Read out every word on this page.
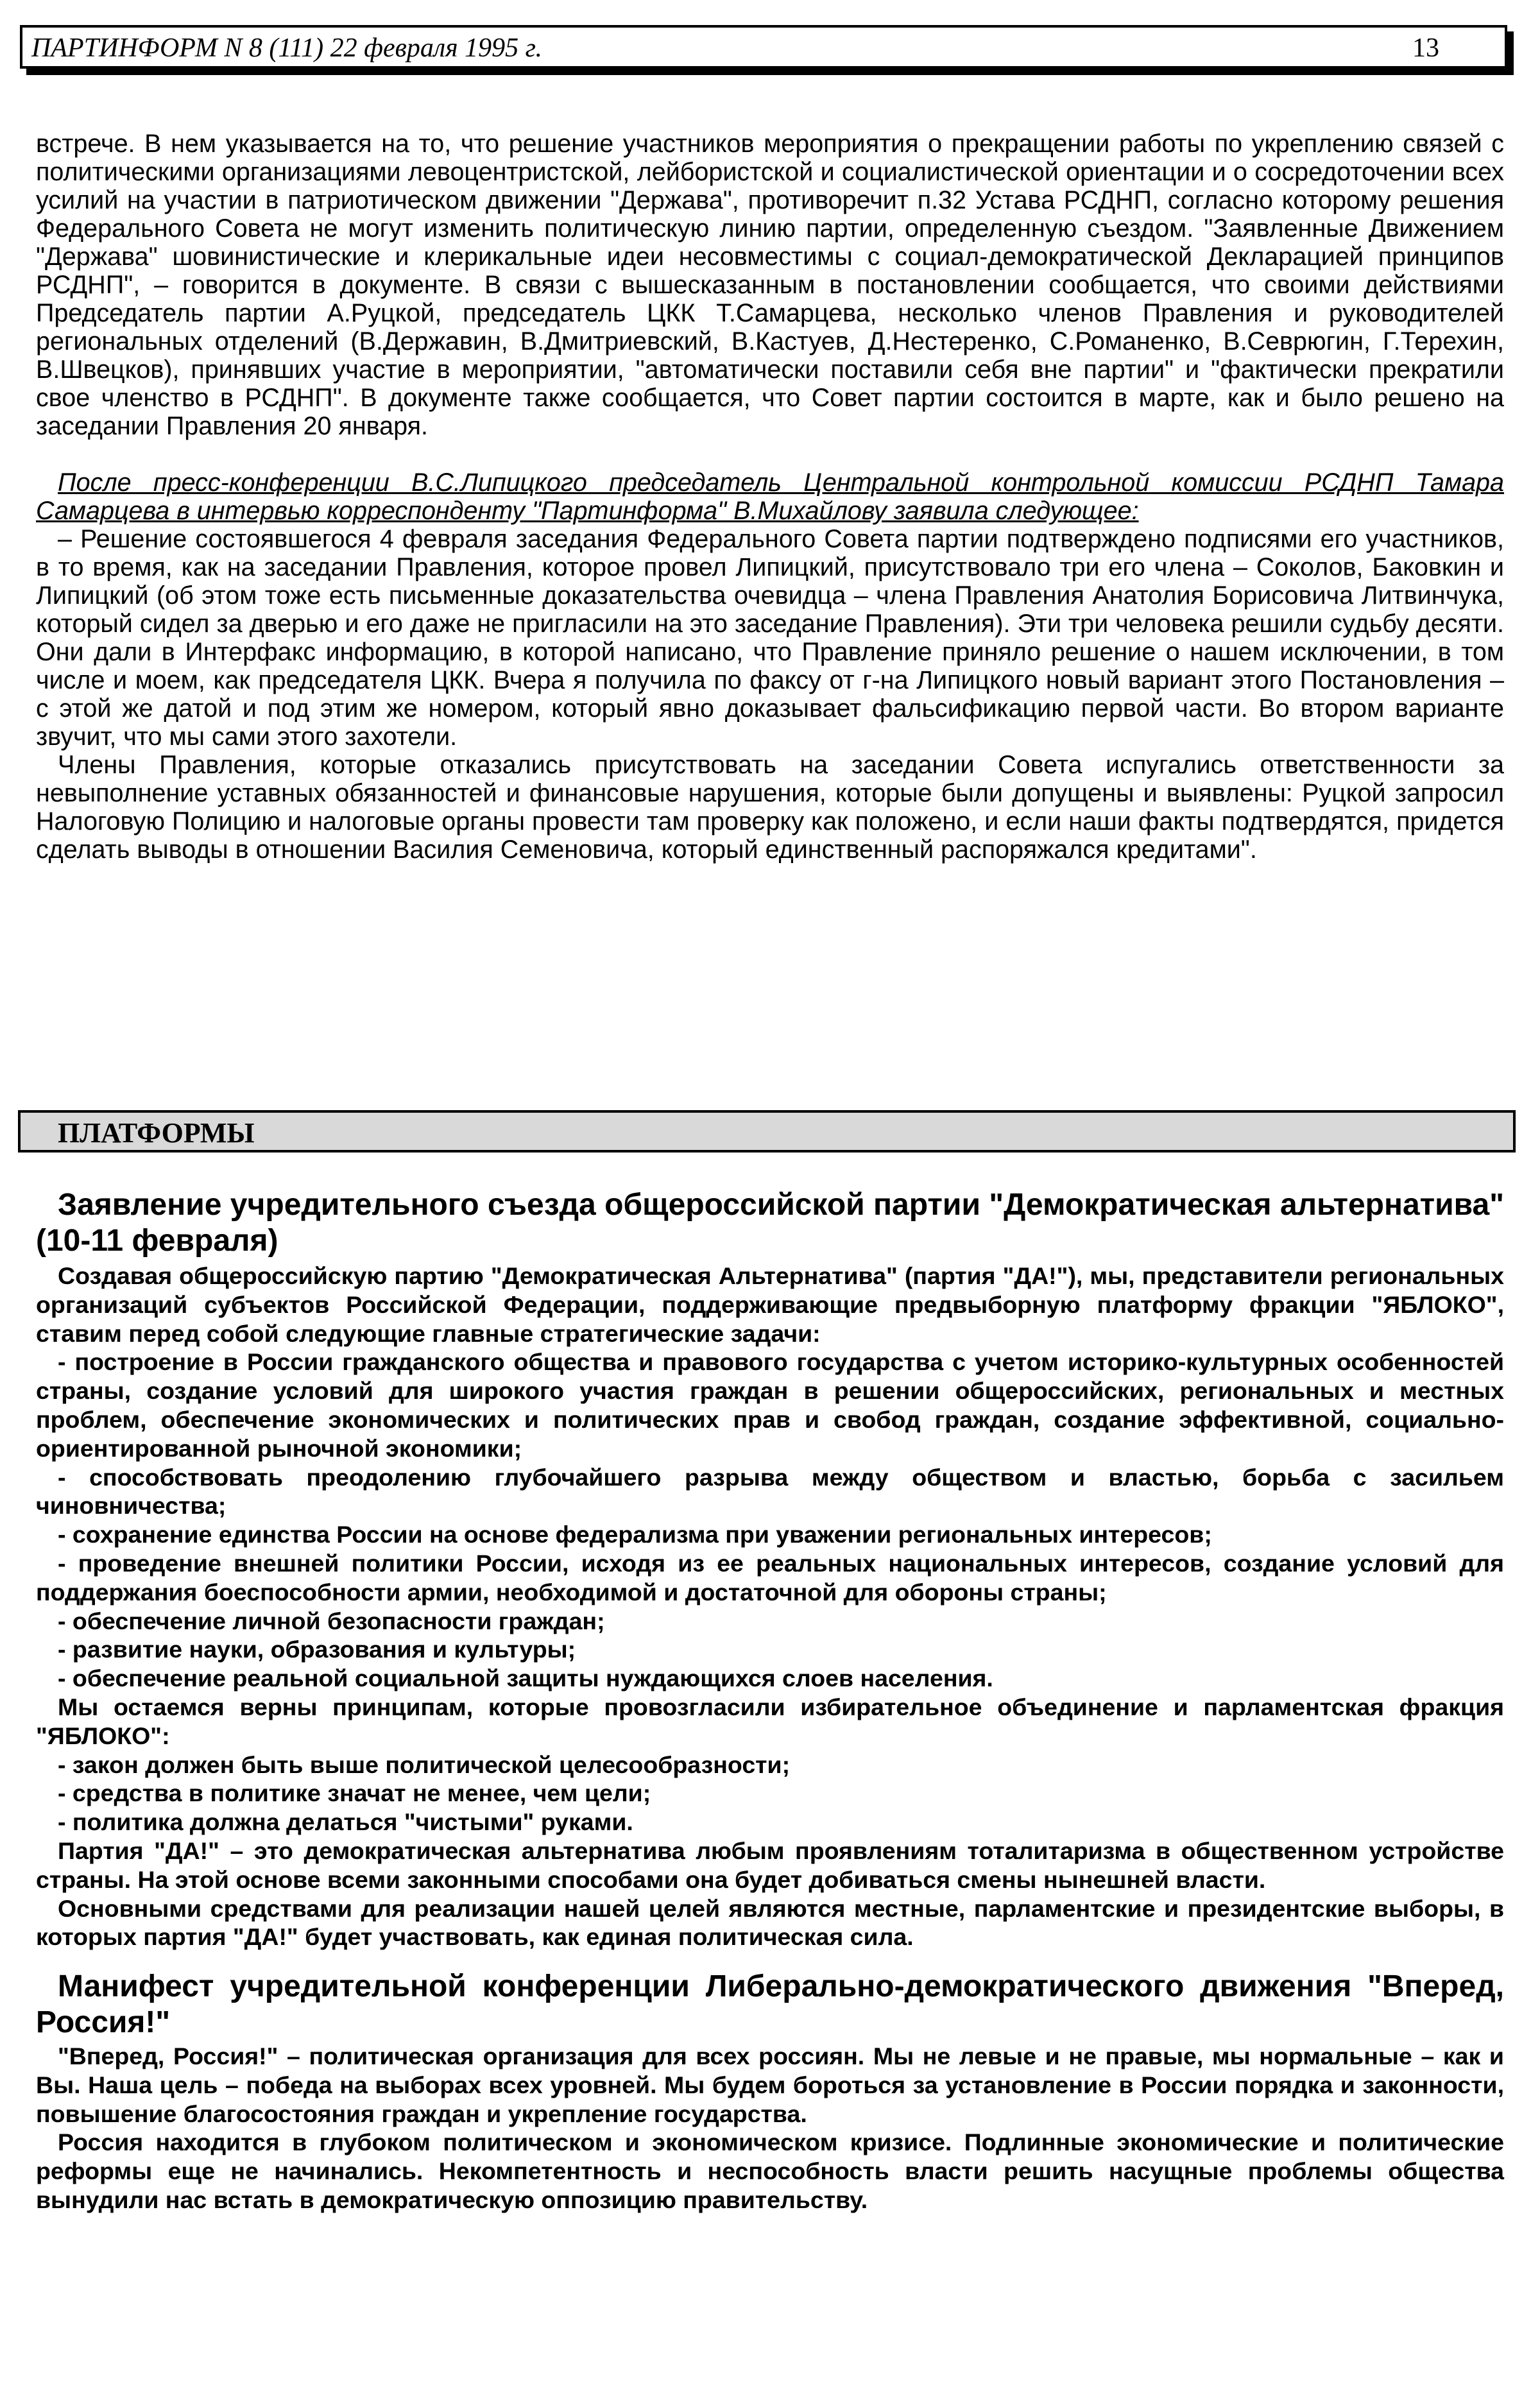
ПАРТИНФОРМ N 8 (111) 22 февраля 1995 г.	13

встрече. В нем указывается на то, что решение участников мероприятия о прекращении работы по укреплению связей с политическими организациями левоцентристской, лейбористской и социалистической ориентации и о сосредоточении всех усилий на участии в патриотическом движении "Держава", противоречит п.32 Устава РСДНП, согласно которому решения Федерального Совета не могут изменить политическую линию партии, определенную съездом. "Заявленные Движением "Держава" шовинистические и клерикальные идеи несовместимы с социал-демократической Декларацией принципов РСДНП", – говорится в документе. В связи с вышесказанным в постановлении сообщается, что своими действиями Председатель партии А.Руцкой, председатель ЦКК Т.Самарцева, несколько членов Правления и руководителей региональных отделений (В.Державин, В.Дмитриевский, В.Кастуев, Д.Нестеренко, С.Романенко, В.Севрюгин, Г.Терехин, В.Швецков), принявших участие в мероприятии, "автоматически поставили себя вне партии" и "фактически прекратили свое членство в РСДНП". В документе также сообщается, что Совет партии состоится в марте, как и было решено на заседании Правления 20 января.

После пресс-конференции В.С.Липицкого председатель Центральной контрольной комиссии РСДНП Тамара Самарцева в интервью корреспонденту "Партинформа" В.Михайлову заявила следующее:

– Решение состоявшегося 4 февраля заседания Федерального Совета партии подтверждено подписями его участников, в то время, как на заседании Правления, которое провел Липицкий, присутствовало три его члена – Соколов, Баковкин и Липицкий (об этом тоже есть письменные доказательства очевидца – члена Правления Анатолия Борисовича Литвинчука, который сидел за дверью и его даже не пригласили на это заседание Правления). Эти три человека решили судьбу десяти. Они дали в Интерфакс информацию, в которой написано, что Правление приняло решение о нашем исключении, в том числе и моем, как председателя ЦКК. Вчера я получила по факсу от г-на Липицкого новый вариант этого Постановления – с этой же датой и под этим же номером, который явно доказывает фальсификацию первой части. Во втором варианте звучит, что мы сами этого захотели.

Члены Правления, которые отказались присутствовать на заседании Совета испугались ответственности за невыполнение уставных обязанностей и финансовые нарушения, которые были допущены и выявлены: Руцкой запросил Налоговую Полицию и налоговые органы провести там проверку как положено, и если наши факты подтвердятся, придется сделать выводы в отношении Василия Семеновича, который единственный распоряжался кредитами".

ПЛАТФОРМЫ

Заявление учредительного съезда общероссийской партии "Демократическая альтернатива" (10-11 февраля)

Создавая общероссийскую партию "Демократическая Альтернатива" (партия "ДА!"), мы, представители региональных организаций субъектов Российской Федерации, поддерживающие предвыборную платформу фракции "ЯБЛОКО", ставим перед собой следующие главные стратегические задачи:

- построение в России гражданского общества и правового государства с учетом историко-культурных особенностей страны, создание условий для широкого участия граждан в решении общероссийских, региональных и местных проблем, обеспечение экономических и политических прав и свобод граждан, создание эффективной, социально-ориентированной рыночной экономики;

- способствовать преодолению глубочайшего разрыва между обществом и властью, борьба с засильем чиновничества;

- сохранение единства России на основе федерализма при уважении региональных интересов;

- проведение внешней политики России, исходя из ее реальных национальных интересов, создание условий для поддержания боеспособности армии, необходимой и достаточной для обороны страны;

- обеспечение личной безопасности граждан;

- развитие науки, образования и культуры;

- обеспечение реальной социальной защиты нуждающихся слоев населения.

Мы остаемся верны принципам, которые провозгласили избирательное объединение и парламентская фракция "ЯБЛОКО":

- закон должен быть выше политической целесообразности;

- средства в политике значат не менее, чем цели;

- политика должна делаться "чистыми" руками.

Партия "ДА!" – это демократическая альтернатива любым проявлениям тоталитаризма в общественном устройстве страны. На этой основе всеми законными способами она будет добиваться смены нынешней власти.

Основными средствами для реализации нашей целей являются местные, парламентские и президентские выборы, в которых партия "ДА!" будет участвовать, как единая политическая сила.

Манифест учредительной конференции Либерально-демократического движения "Вперед, Россия!"

"Вперед, Россия!" – политическая организация для всех россиян. Мы не левые и не правые, мы нормальные – как и Вы. Наша цель – победа на выборах всех уровней. Мы будем бороться за установление в России порядка и законности, повышение благосостояния граждан и укрепление государства.

Россия находится в глубоком политическом и экономическом кризисе. Подлинные экономические и политические реформы еще не начинались. Некомпетентность и неспособность власти решить насущные проблемы общества вынудили нас встать в демократическую оппозицию правительству.
